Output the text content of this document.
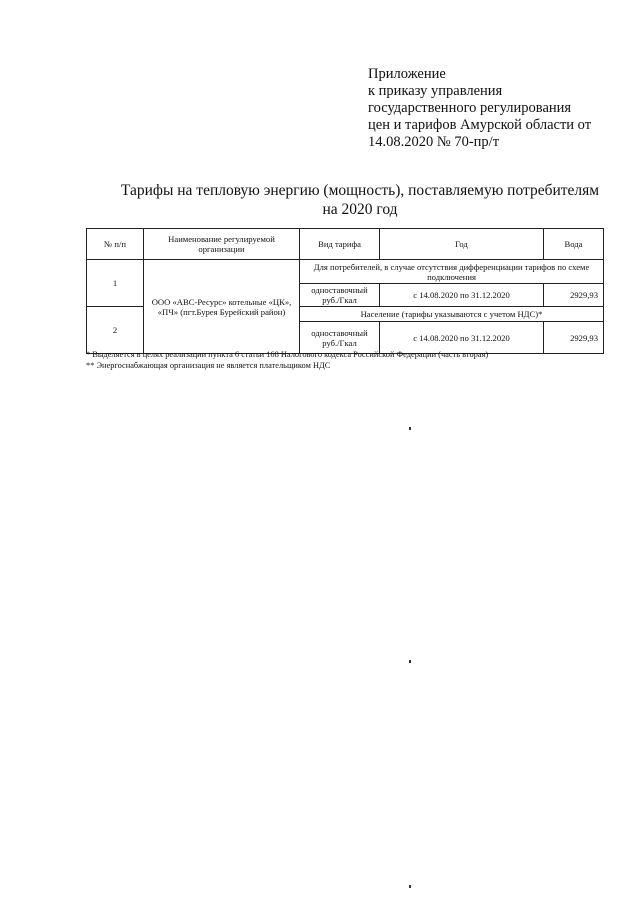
Приложение
к приказу управления
государственного регулирования
цен и тарифов Амурской области от
14.08.2020 № 70-пр/т
Тарифы на тепловую энергию (мощность), поставляемую потребителям
на 2020 год
№ п/п	Наименование регулируемой организации	Вид тарифа	Год	Вода
1	ООО «АВС-Ресурс» котельные «ЦК», «ПЧ» (пгт.Бурея Бурейский район)	Для потребителей, в случае отсутствия дифференциации тарифов по схеме подключения		
		одноставочный руб./Гкал	с 14.08.2020 по 31.12.2020	2929,93
2		Население (тарифы указываются с учетом НДС)*		
		одноставочный руб./Гкал	с 14.08.2020 по 31.12.2020	2929,93
* Выделяется в целях реализации пункта 6 статьи 168 Налогового кодекса Российской Федерации (часть вторая)
** Энергоснабжающая организация не является плательщиком НДС
